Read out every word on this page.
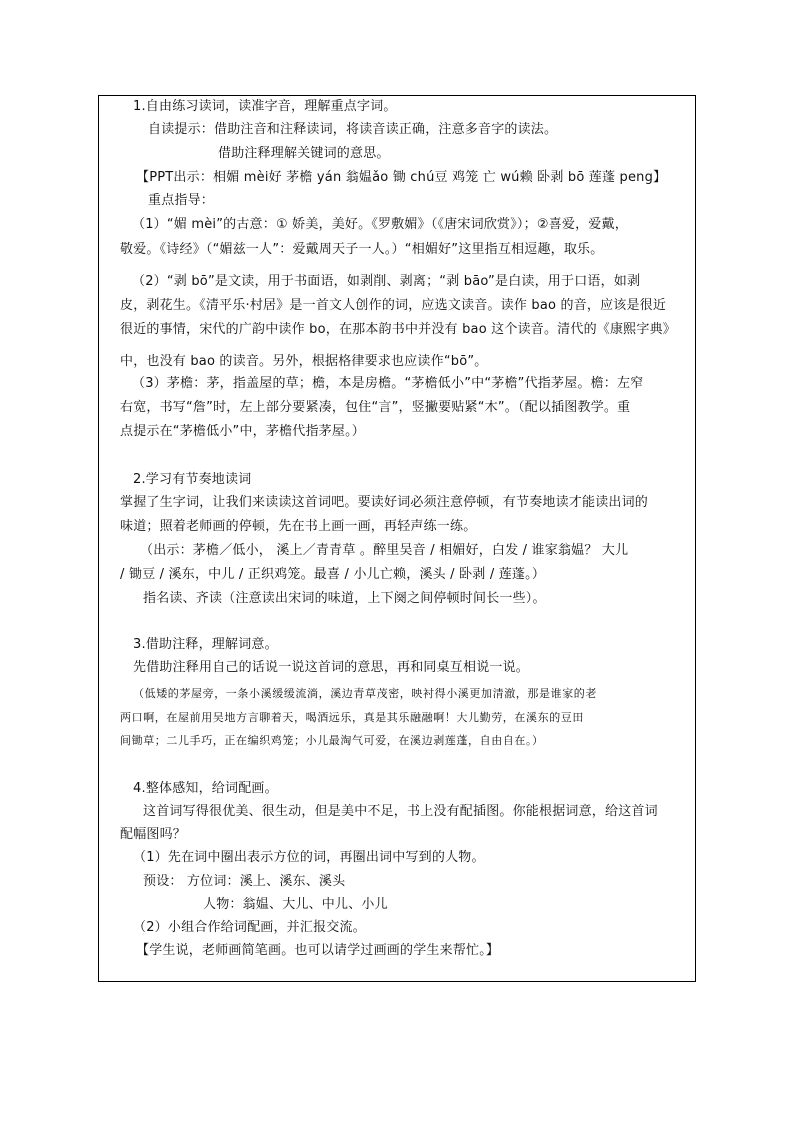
1.自由练习读词，读准字音，理解重点字词。
自读提示：借助注音和注释读词，将读音读正确，注意多音字的读法。
借助注释理解关键词的意思。
【PPT出示：相媚 mèi好 茅檐 yán 翁媪ǎo 锄 chú豆 鸡笼 亡 wú赖 卧剥 bō 莲蓬 peng】
重点指导：
（1）“媚 mèi”的古意：① 娇美，美好。《罗敷媚》（《唐宋词欣赏》）；②喜爱，爱戴，
敬爱。《诗经》（“媚兹一人”：爱戴周天子一人。）“相媚好”这里指互相逗趣，取乐。
（2）“剥 bō”是文读，用于书面语，如剥削、剥离；“剥 bāo”是白读，用于口语，如剥
皮，剥花生。《清平乐·村居》是一首文人创作的词，应选文读音。读作 bao 的音，应该是很近
很近的事情，宋代的广韵中读作 bo，在那本韵书中并没有 bao 这个读音。清代的《康熙字典》
中，也没有 bao 的读音。另外，根据格律要求也应读作“bō”。
（3）茅檐：茅，指盖屋的草；檐，本是房檐。“茅檐低小”中“茅檐”代指茅屋。檐：左窄
右宽，书写“詹”时，左上部分要紧凑，包住“言”，竖撇要贴紧“木”。（配以插图教学。重
点提示在“茅檐低小”中，茅檐代指茅屋。）
2.学习有节奏地读词
掌握了生字词，让我们来读读这首词吧。要读好词必须注意停顿，有节奏地读才能读出词的
味道；照着老师画的停顿，先在书上画一画，再轻声练一练。
（出示：茅檐／低小， 溪上／青青草 。醉里吴音 / 相媚好，白发 / 谁家翁媪？ 大儿
/ 锄豆 / 溪东，中儿 / 正织鸡笼。最喜 / 小儿亡赖，溪头 / 卧剥 / 莲蓬。）
指名读、齐读（注意读出宋词的味道，上下阕之间停顿时间长一些）。
3.借助注释，理解词意。
先借助注释用自己的话说一说这首词的意思，再和同桌互相说一说。
（低矮的茅屋旁，一条小溪缓缓流淌，溪边青草茂密，映衬得小溪更加清澈，那是谁家的老
两口啊，在屋前用吴地方言聊着天，喝酒远乐，真是其乐融融啊！大儿勤劳，在溪东的豆田
间锄草；二儿手巧，正在编织鸡笼；小儿最淘气可爱，在溪边剥莲蓬，自由自在。）
4.整体感知，给词配画。
这首词写得很优美、很生动，但是美中不足，书上没有配插图。你能根据词意，给这首词
配幅图吗？
（1）先在词中圈出表示方位的词，再圈出词中写到的人物。
预设： 方位词：溪上、溪东、溪头
人物：翁媪、大儿、中儿、小儿
（2）小组合作给词配画，并汇报交流。
【学生说，老师画简笔画。也可以请学过画画的学生来帮忙。】
